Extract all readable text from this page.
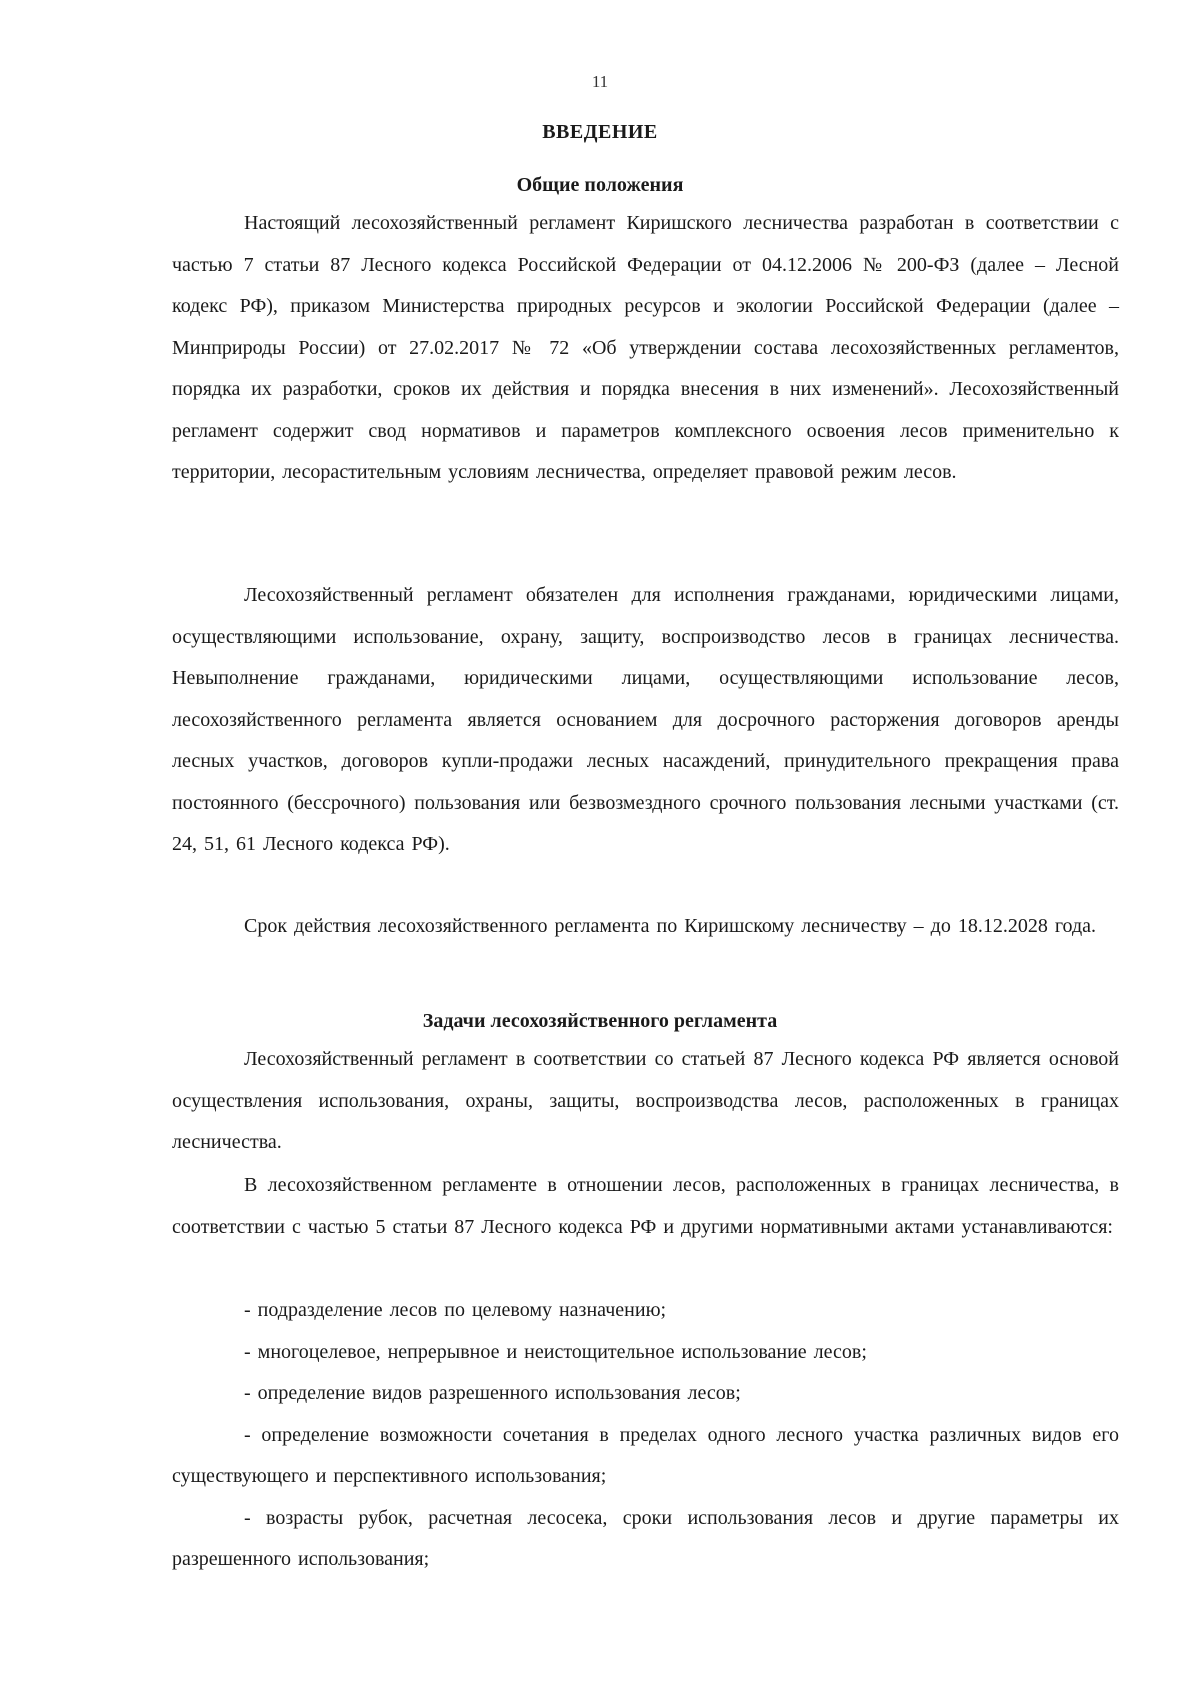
11
ВВЕДЕНИЕ
Общие положения

Настоящий лесохозяйственный регламент Киришского лесничества разработан в соответствии с частью 7 статьи 87 Лесного кодекса Российской Федерации от 04.12.2006 № 200-ФЗ (далее – Лесной кодекс РФ), приказом Министерства природных ресурсов и экологии Российской Федерации (далее – Минприроды России) от 27.02.2017 № 72 «Об утверждении состава лесохозяйственных регламентов, порядка их разработки, сроков их действия и порядка внесения в них изменений». Лесохозяйственный регламент содержит свод нормативов и параметров комплексного освоения лесов применительно к территории, лесорастительным условиям лесничества, определяет правовой режим лесов.

Лесохозяйственный регламент обязателен для исполнения гражданами, юридическими лицами, осуществляющими использование, охрану, защиту, воспроизводство лесов в границах лесничества. Невыполнение гражданами, юридическими лицами, осуществляющими использование лесов, лесохозяйственного регламента является основанием для досрочного расторжения договоров аренды лесных участков, договоров купли-продажи лесных насаждений, принудительного прекращения права постоянного (бессрочного) пользования или безвозмездного срочного пользования лесными участками (ст. 24, 51, 61 Лесного кодекса РФ).

Срок действия лесохозяйственного регламента по Киришскому лесничеству – до 18.12.2028 года.

Задачи лесохозяйственного регламента

Лесохозяйственный регламент в соответствии со статьей 87 Лесного кодекса РФ является основой осуществления использования, охраны, защиты, воспроизводства лесов, расположенных в границах лесничества.

В лесохозяйственном регламенте в отношении лесов, расположенных в границах лесничества, в соответствии с частью 5 статьи 87 Лесного кодекса РФ и другими нормативными актами устанавливаются:

- подразделение лесов по целевому назначению;
- многоцелевое, непрерывное и неистощительное использование лесов;
- определение видов разрешенного использования лесов;
- определение возможности сочетания в пределах одного лесного участка различных видов его существующего и перспективного использования;
- возрасты рубок, расчетная лесосека, сроки использования лесов и другие параметры их разрешенного использования;
